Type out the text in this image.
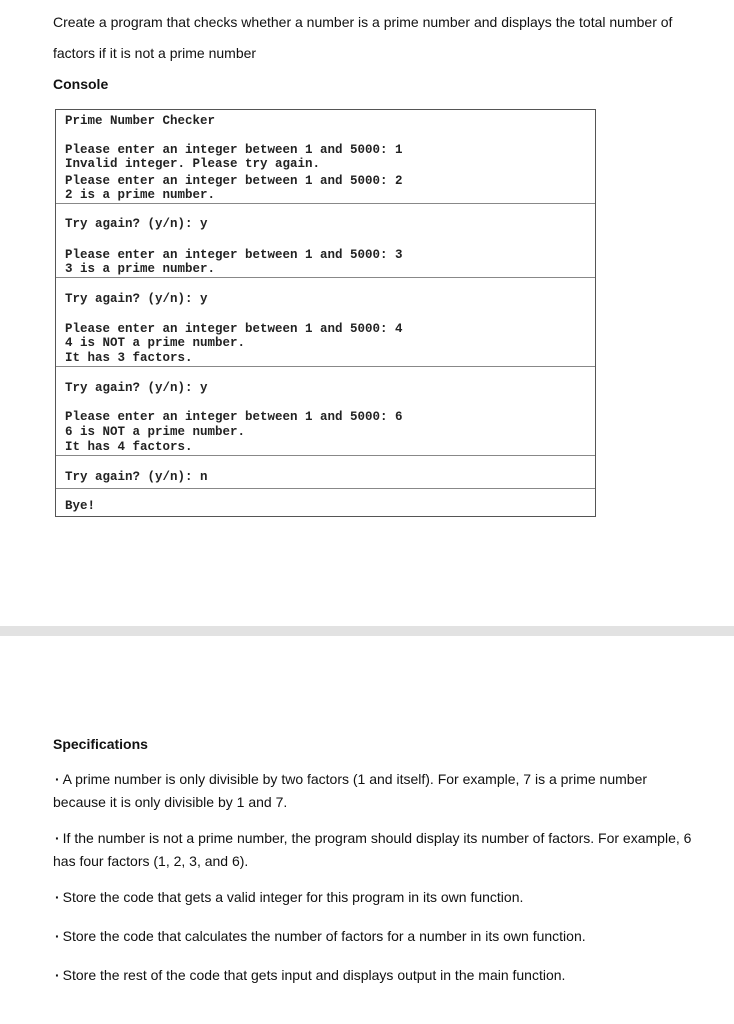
Create a program that checks whether a number is a prime number and displays the total number of

factors if it is not a prime number

Console

Prime Number Checker

Please enter an integer between 1 and 5000: 1

Invalid integer. Please try again.

Please enter an integer between 1 and 5000: 2

2 is a prime number.

Try again? (y/n): y

Please enter an integer between 1 and 5000: 3

3 is a prime number.

Try again? (y/n): y

Please enter an integer between 1 and 5000: 4

4 is NOT a prime number.

It has 3 factors.

Try again? (y/n): y

Please enter an integer between 1 and 5000: 6

6 is NOT a prime number.

It has 4 factors.

Try again? (y/n): n

Bye!

Specifications

· A prime number is only divisible by two factors (1 and itself). For example, 7 is a prime number because it is only divisible by 1 and 7.

· If the number is not a prime number, the program should display its number of factors. For example, 6 has four factors (1, 2, 3, and 6).

· Store the code that gets a valid integer for this program in its own function.

· Store the code that calculates the number of factors for a number in its own function.

· Store the rest of the code that gets input and displays output in the main function.
